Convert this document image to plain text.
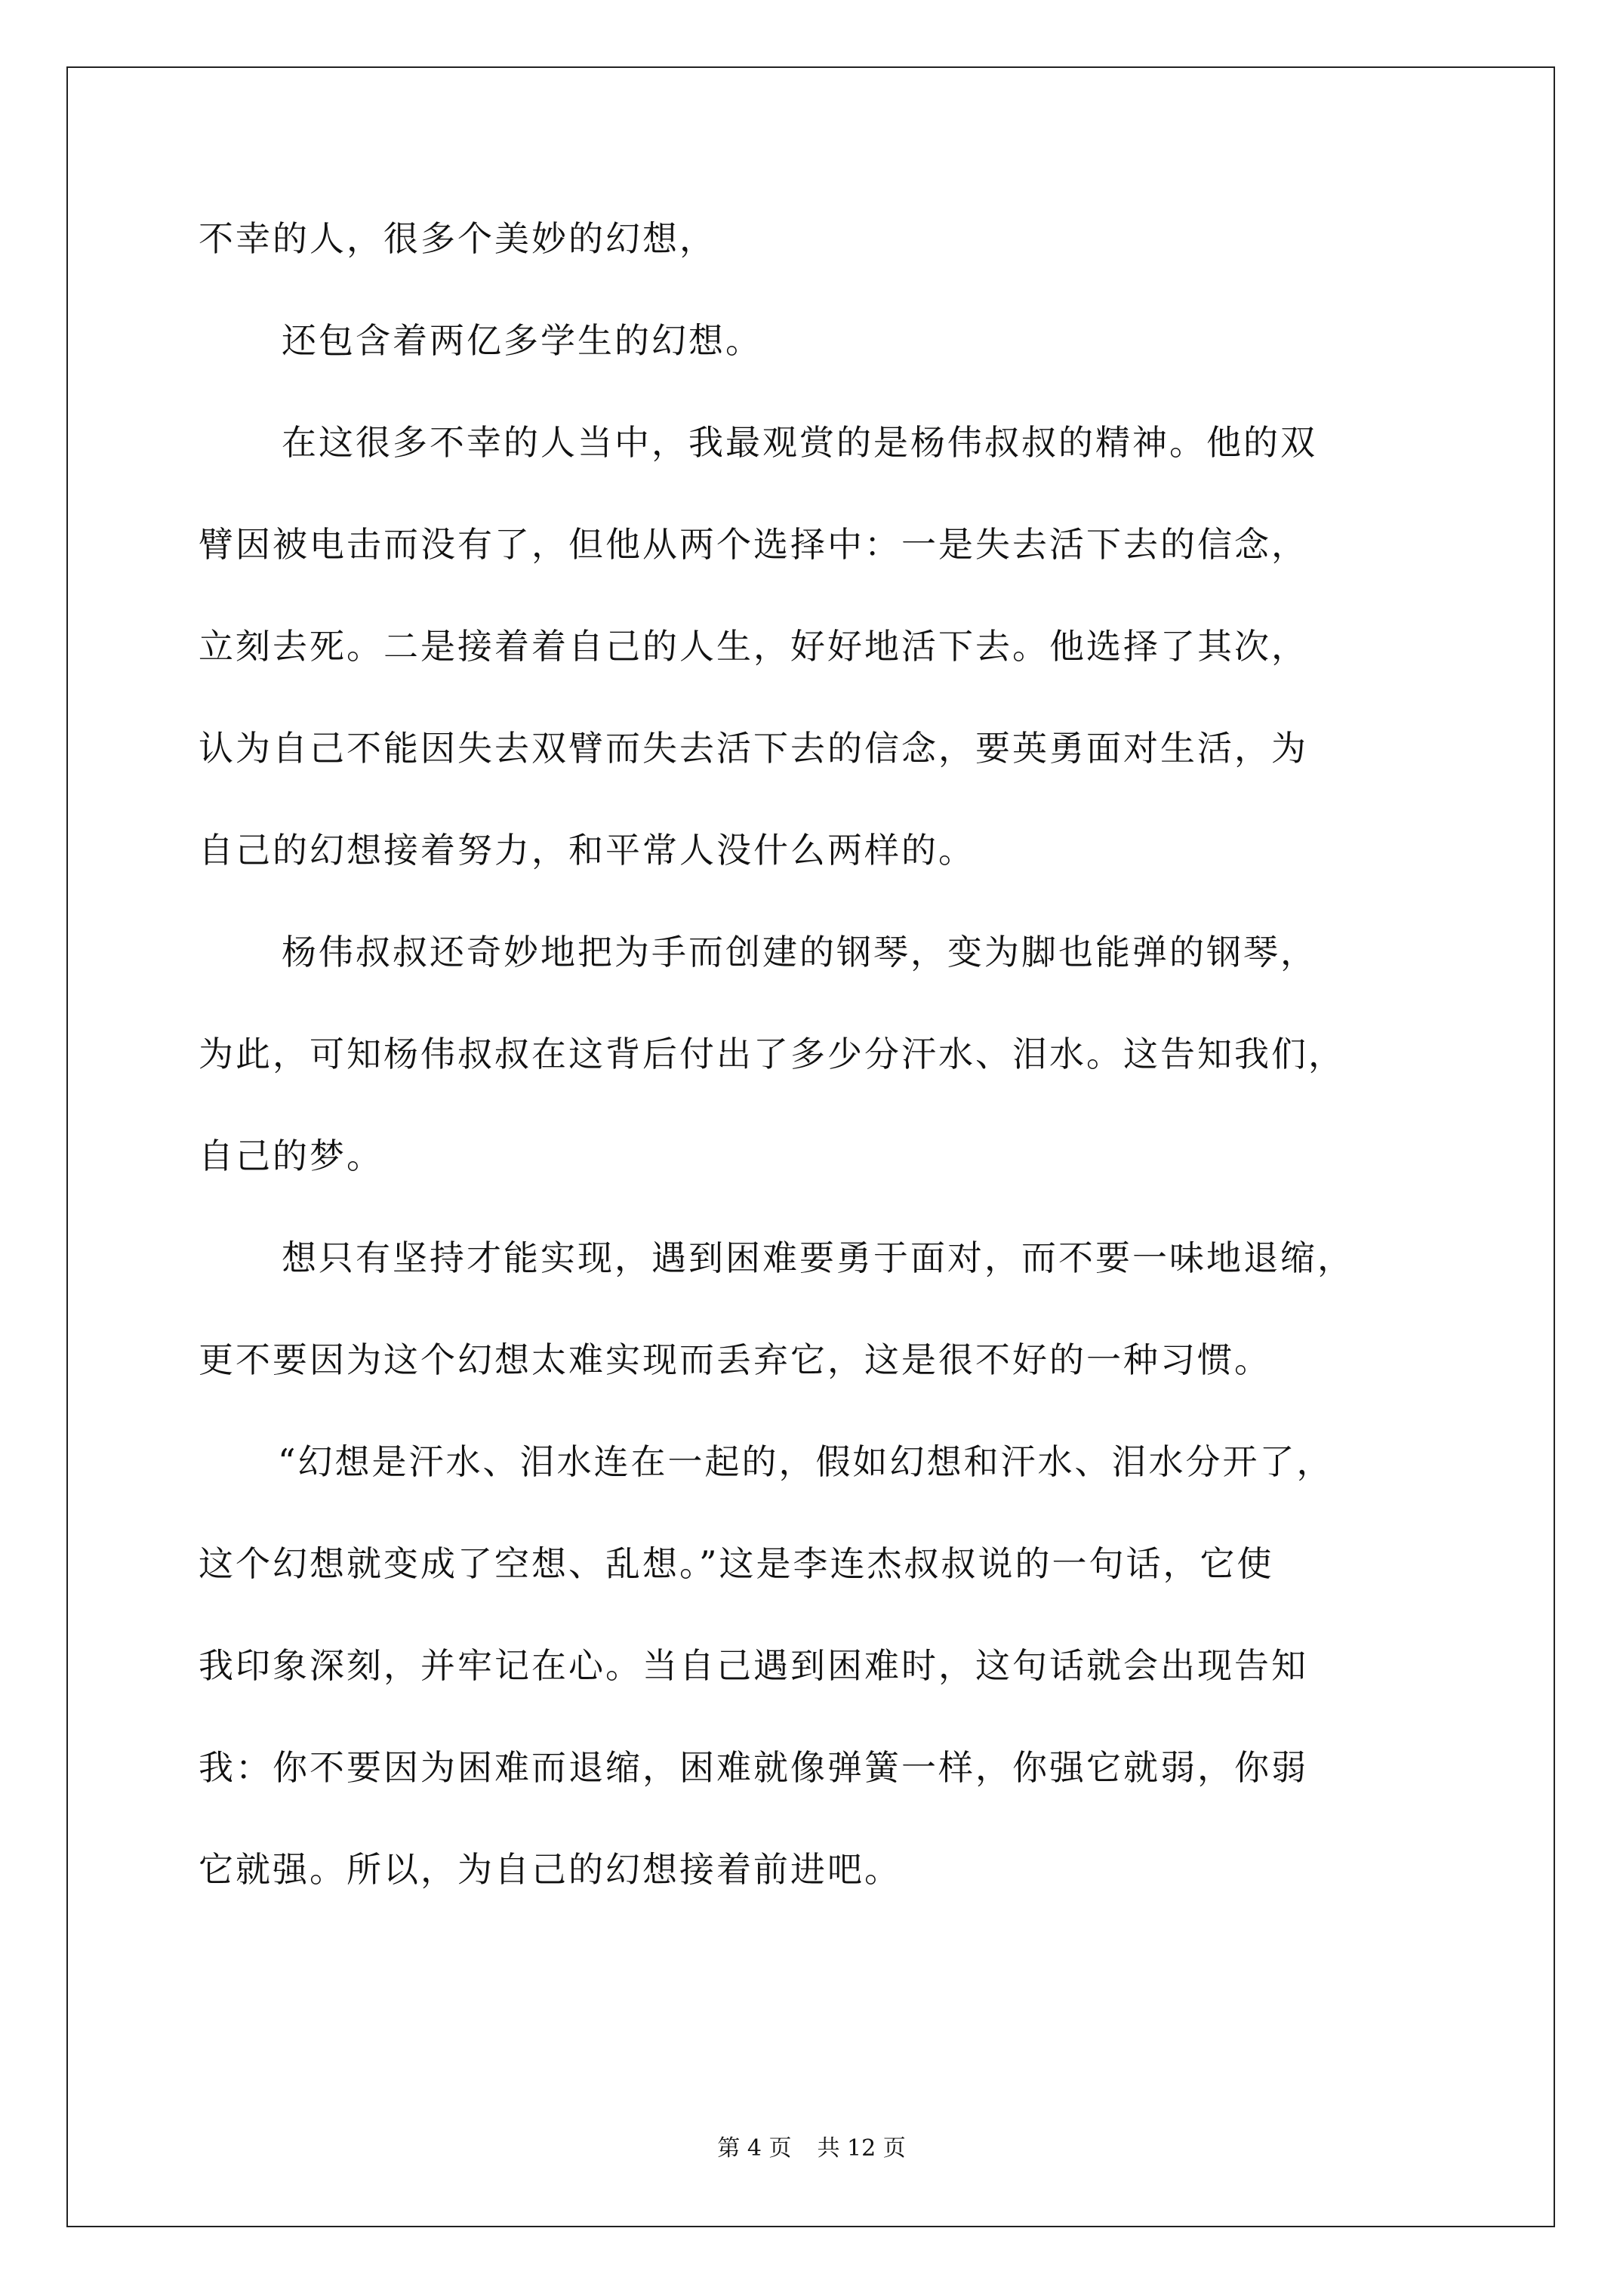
不幸的人，很多个美妙的幻想，
还包含着两亿多学生的幻想。
在这很多不幸的人当中，我最观赏的是杨伟叔叔的精神。他的双
臂因被电击而没有了，但他从两个选择中：一是失去活下去的信念，
立刻去死。二是接着着自己的人生，好好地活下去。他选择了其次，
认为自己不能因失去双臂而失去活下去的信念，要英勇面对生活，为
自己的幻想接着努力，和平常人没什么两样的。
杨伟叔叔还奇妙地把为手而创建的钢琴，变为脚也能弹的钢琴，
为此，可知杨伟叔叔在这背后付出了多少分汗水、泪水。这告知我们，
自己的梦。
想只有坚持才能实现，遇到困难要勇于面对，而不要一味地退缩，
更不要因为这个幻想太难实现而丢弃它，这是很不好的一种习惯。
“幻想是汗水、泪水连在一起的，假如幻想和汗水、泪水分开了，
这个幻想就变成了空想、乱想。”这是李连杰叔叔说的一句话，它使
我印象深刻，并牢记在心。当自己遇到困难时，这句话就会出现告知
我：你不要因为困难而退缩，困难就像弹簧一样，你强它就弱，你弱
它就强。所以，为自己的幻想接着前进吧。
第 4 页 共 12 页
